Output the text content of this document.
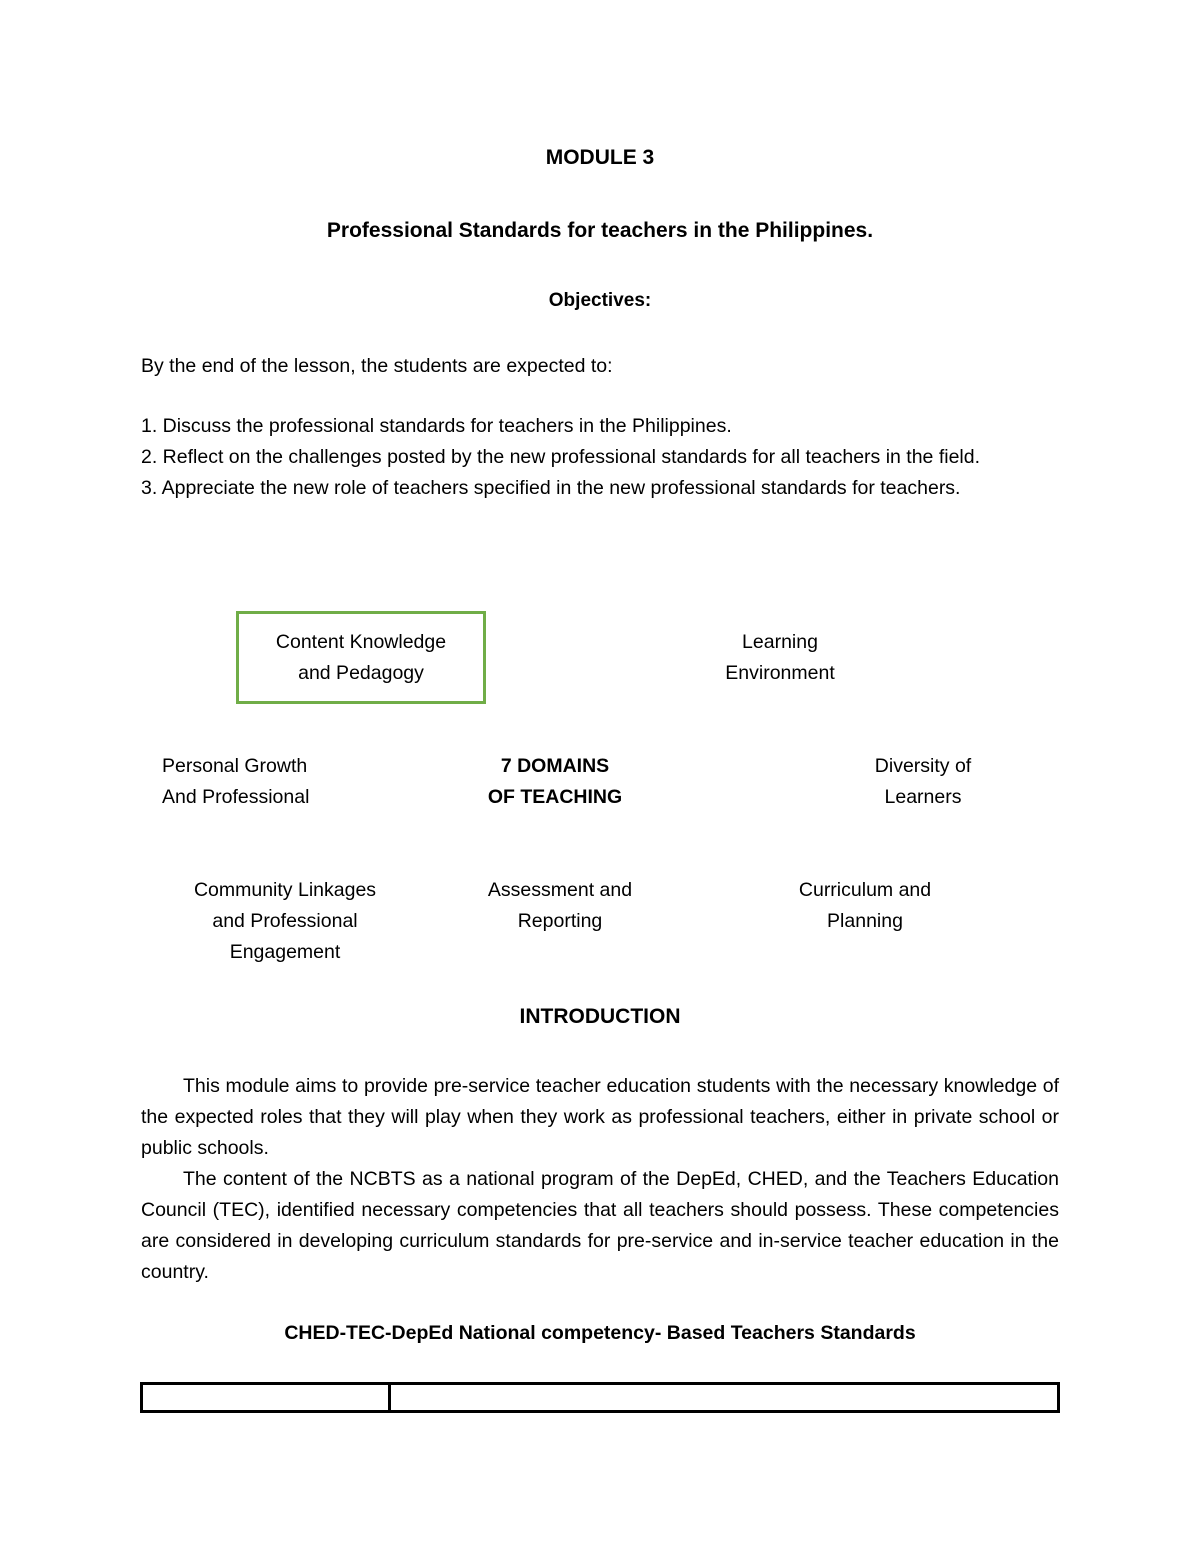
MODULE 3
Professional Standards for teachers in the Philippines.
Objectives:
By the end of the lesson, the students are expected to:
1. Discuss the professional standards for teachers in the Philippines.
2. Reflect on the challenges posted by the new professional standards for all teachers in the field.
3. Appreciate the new role of teachers specified in the new professional standards for teachers.
Content Knowledge
and Pedagogy
Learning
Environment
Personal Growth
And Professional
7 DOMAINS
OF TEACHING
Diversity of
Learners
Community Linkages
and Professional
Engagement
Assessment and
Reporting
Curriculum and
Planning
INTRODUCTION

This module aims to provide pre-service teacher education students with the necessary knowledge of the expected roles that they will play when they work as professional teachers, either in private school or public schools.

The content of the NCBTS as a national program of the DepEd, CHED, and the Teachers Education Council (TEC), identified necessary competencies that all teachers should possess. These competencies are considered in developing curriculum standards for pre-service and in-service teacher education in the country.

CHED-TEC-DepEd National competency- Based Teachers Standards
